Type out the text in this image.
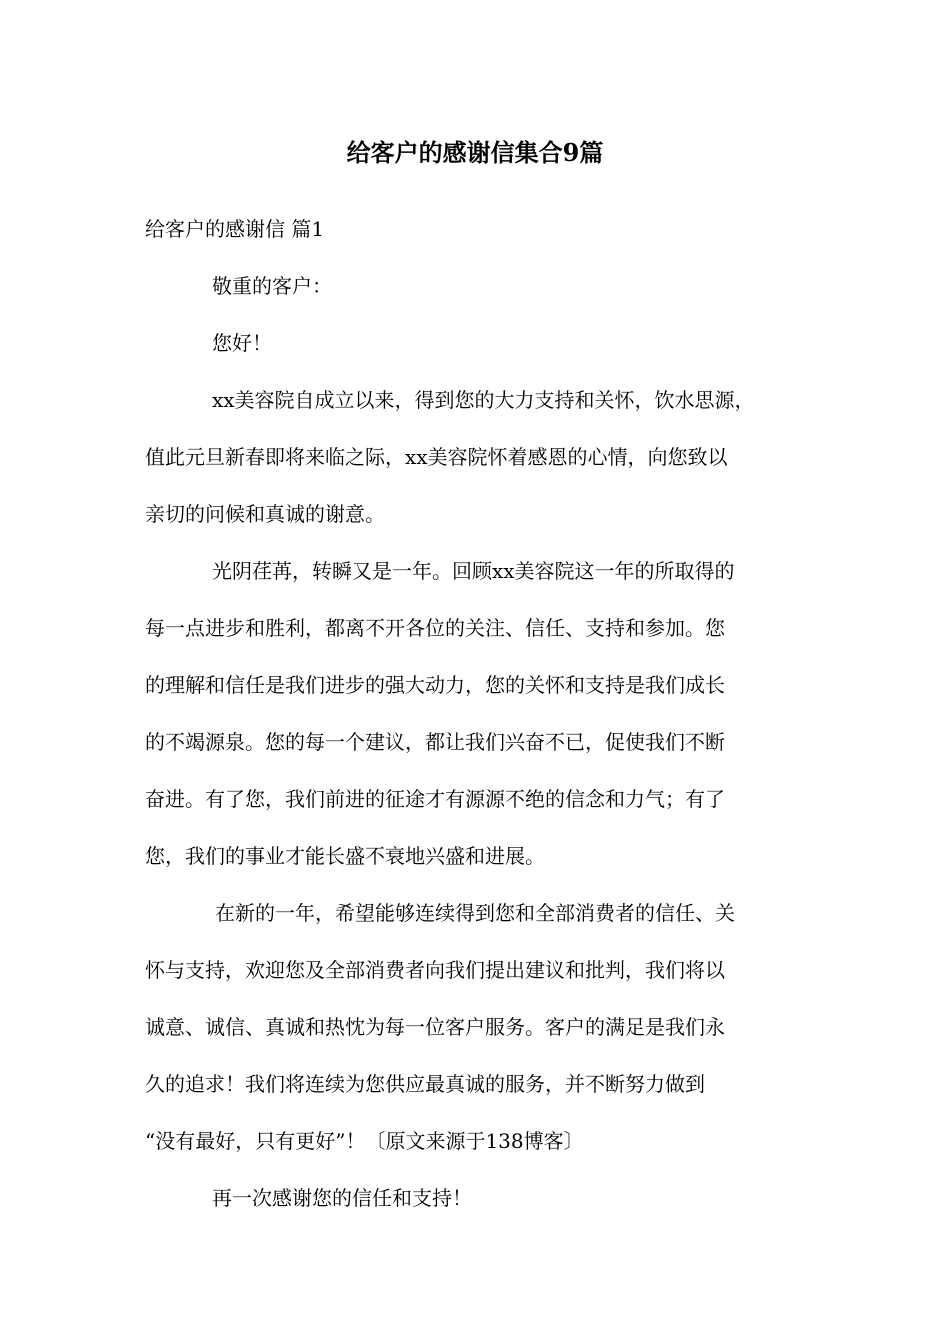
给客户的感谢信集合9篇

给客户的感谢信 篇1

敬重的客户：

您好！

xx美容院自成立以来，得到您的大力支持和关怀，饮水思源，
值此元旦新春即将来临之际，xx美容院怀着感恩的心情，向您致以
亲切的问候和真诚的谢意。
光阴荏苒，转瞬又是一年。回顾xx美容院这一年的所取得的
每一点进步和胜利，都离不开各位的关注、信任、支持和参加。您
的理解和信任是我们进步的强大动力，您的关怀和支持是我们成长
的不竭源泉。您的每一个建议，都让我们兴奋不已，促使我们不断
奋进。有了您，我们前进的征途才有源源不绝的信念和力气；有了
您，我们的事业才能长盛不衰地兴盛和进展。
在新的一年，希望能够连续得到您和全部消费者的信任、关
怀与支持，欢迎您及全部消费者向我们提出建议和批判，我们将以
诚意、诚信、真诚和热忱为每一位客户服务。客户的满足是我们永
久的追求！我们将连续为您供应最真诚的服务，并不断努力做到
“没有最好，只有更好”！〔原文来源于138博客〕

再一次感谢您的信任和支持！
